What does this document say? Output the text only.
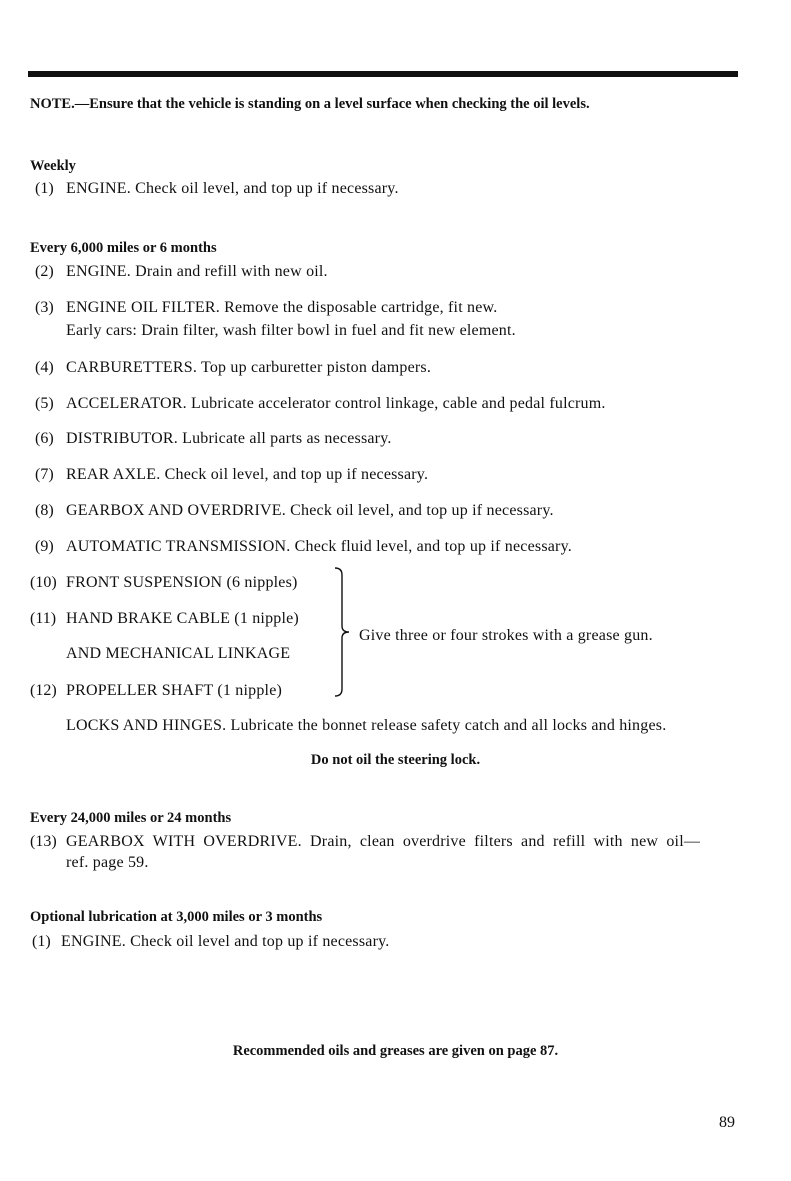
NOTE.—Ensure that the vehicle is standing on a level surface when checking the oil levels.
Weekly
(1) ENGINE. Check oil level, and top up if necessary.
Every 6,000 miles or 6 months
(2) ENGINE. Drain and refill with new oil.
(3) ENGINE OIL FILTER. Remove the disposable cartridge, fit new.
Early cars: Drain filter, wash filter bowl in fuel and fit new element.
(4) CARBURETTERS. Top up carburetter piston dampers.
(5) ACCELERATOR. Lubricate accelerator control linkage, cable and pedal fulcrum.
(6) DISTRIBUTOR. Lubricate all parts as necessary.
(7) REAR AXLE. Check oil level, and top up if necessary.
(8) GEARBOX AND OVERDRIVE. Check oil level, and top up if necessary.
(9) AUTOMATIC TRANSMISSION. Check fluid level, and top up if necessary.
(10) FRONT SUSPENSION (6 nipples)
(11) HAND BRAKE CABLE (1 nipple)
AND MECHANICAL LINKAGE
(12) PROPELLER SHAFT (1 nipple)
Give three or four strokes with a grease gun.
LOCKS AND HINGES. Lubricate the bonnet release safety catch and all locks and hinges.
Do not oil the steering lock.
Every 24,000 miles or 24 months
(13) GEARBOX WITH OVERDRIVE. Drain, clean overdrive filters and refill with new oil—
ref. page 59.
Optional lubrication at 3,000 miles or 3 months
(1) ENGINE. Check oil level and top up if necessary.
Recommended oils and greases are given on page 87.
89
